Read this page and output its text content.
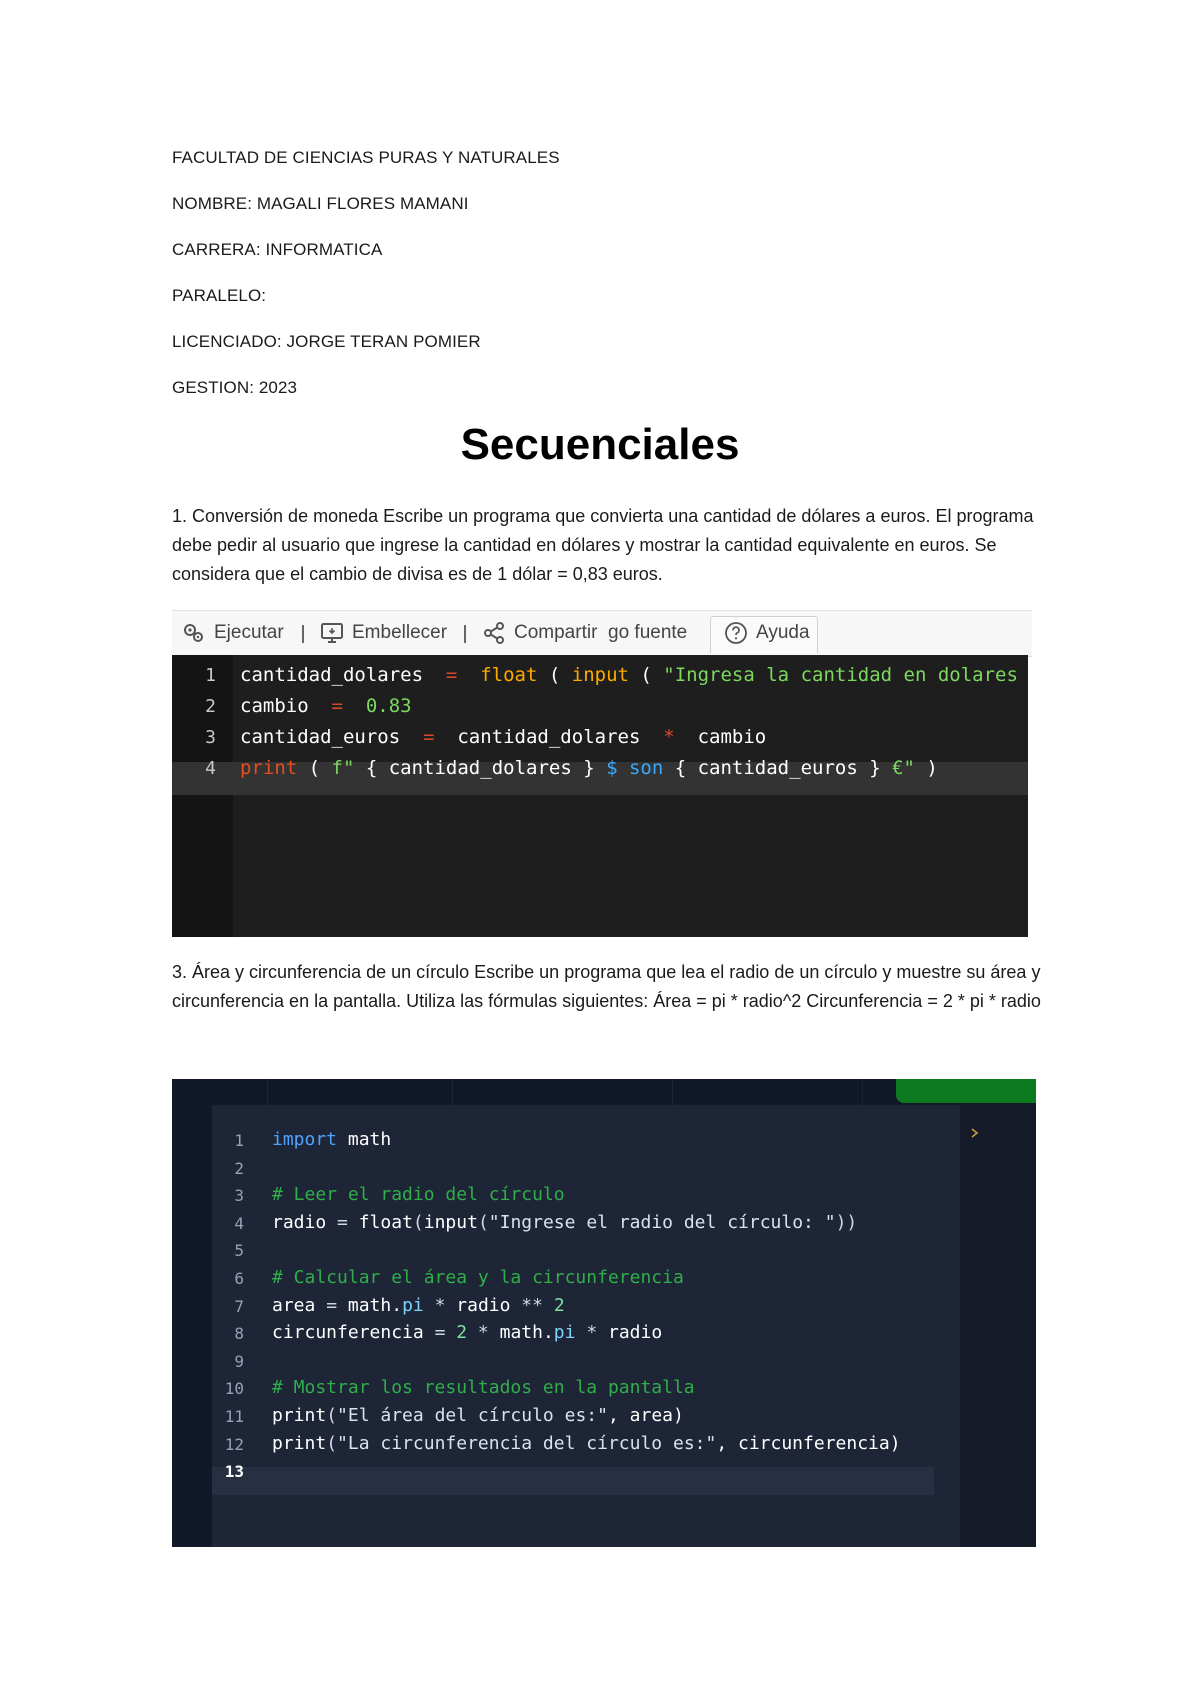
FACULTAD DE CIENCIAS PURAS Y NATURALES
NOMBRE: MAGALI FLORES MAMANI
CARRERA: INFORMATICA
PARALELO:
LICENCIADO: JORGE TERAN POMIER
GESTION: 2023
Secuenciales
1. Conversión de moneda Escribe un programa que convierta una cantidad de dólares a euros. El programa debe pedir al usuario que ingrese la cantidad en dólares y mostrar la cantidad equivalente en euros. Se considera que el cambio de divisa es de 1 dólar = 0,83 euros.
Ejecutar	Embellecer	Compartir go fuente	Ayuda
1
2
3
4
cantidad_dolares  =  float ( input ( "Ingresa la cantidad en dolares
cambio  =  0.83
cantidad_euros  =  cantidad_dolares  *  cambio
print ( f" { cantidad_dolares } $ son { cantidad_euros } €" )
3. Área y circunferencia de un círculo Escribe un programa que lea el radio de un círculo y muestre su área y circunferencia en la pantalla. Utiliza las fórmulas siguientes: Área = pi * radio^2 Circunferencia = 2 * pi * radio
1
2
3
4
5
6
7
8
9
10
11
12
13
import math
# Leer el radio del círculo
radio = float(input("Ingrese el radio del círculo: "))
# Calcular el área y la circunferencia
area = math.pi * radio ** 2
circunferencia = 2 * math.pi * radio
# Mostrar los resultados en la pantalla
print("El área del círculo es:", area)
print("La circunferencia del círculo es:", circunferencia)
